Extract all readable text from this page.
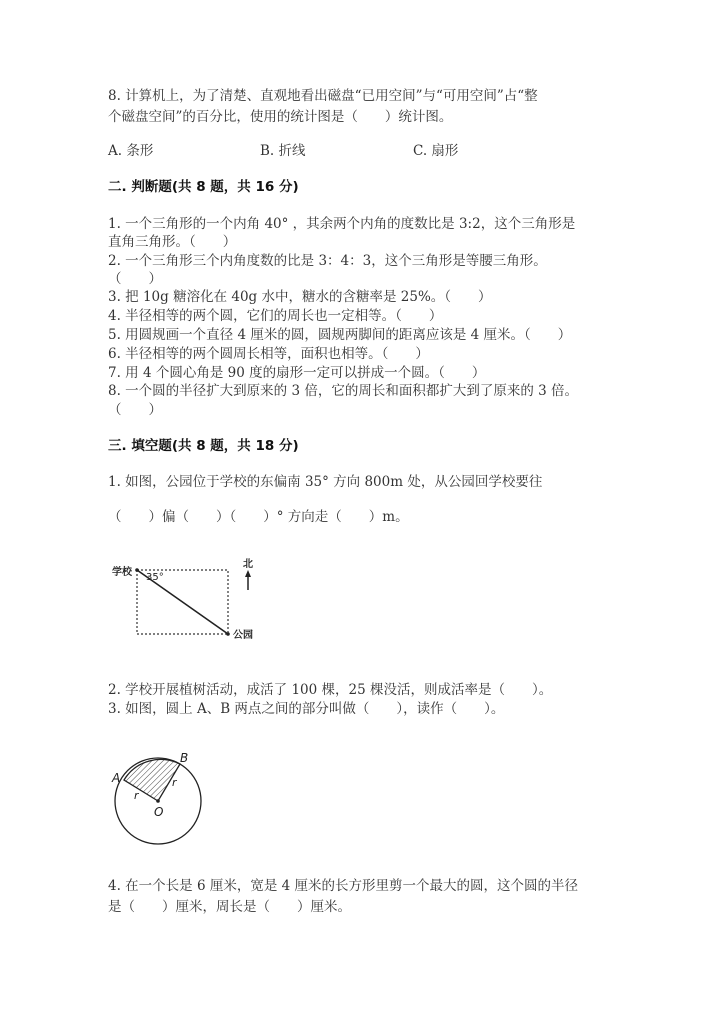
8. 计算机上，为了清楚、直观地看出磁盘“已用空间”与“可用空间”占“整
个磁盘空间”的百分比，使用的统计图是（　　）统计图。
A. 条形	B. 折线	C. 扇形
二. 判断题(共 8 题，共 16 分)
1. 一个三角形的一个内角 40° ，其余两个内角的度数比是 3:2，这个三角形是
直角三角形。（　　）
2. 一个三角形三个内角度数的比是 3：4：3，这个三角形是等腰三角形。
（　　）
3. 把 10g 糖溶化在 40g 水中，糖水的含糖率是 25%。（　　）
4. 半径相等的两个圆，它们的周长也一定相等。（　　）
5. 用圆规画一个直径 4 厘米的圆，圆规两脚间的距离应该是 4 厘米。（　　）
6. 半径相等的两个圆周长相等，面积也相等。（　　）
7. 用 4 个圆心角是 90 度的扇形一定可以拼成一个圆。（　　）
8. 一个圆的半径扩大到原来的 3 倍，它的周长和面积都扩大到了原来的 3 倍。
（　　）
三. 填空题(共 8 题，共 18 分)
1. 如图，公园位于学校的东偏南 35° 方向 800m 处，从公园回学校要往
（　　）偏（　　）（　　）° 方向走（　　）m。
学校 35°
公园
北
2. 学校开展植树活动，成活了 100 棵，25 棵没活，则成活率是（　　）。
3. 如图，圆上 A、B 两点之间的部分叫做（　　），读作（　　）。
A
B
O
r
r
4. 在一个长是 6 厘米，宽是 4 厘米的长方形里剪一个最大的圆，这个圆的半径
是（　　）厘米，周长是（　　）厘米。
